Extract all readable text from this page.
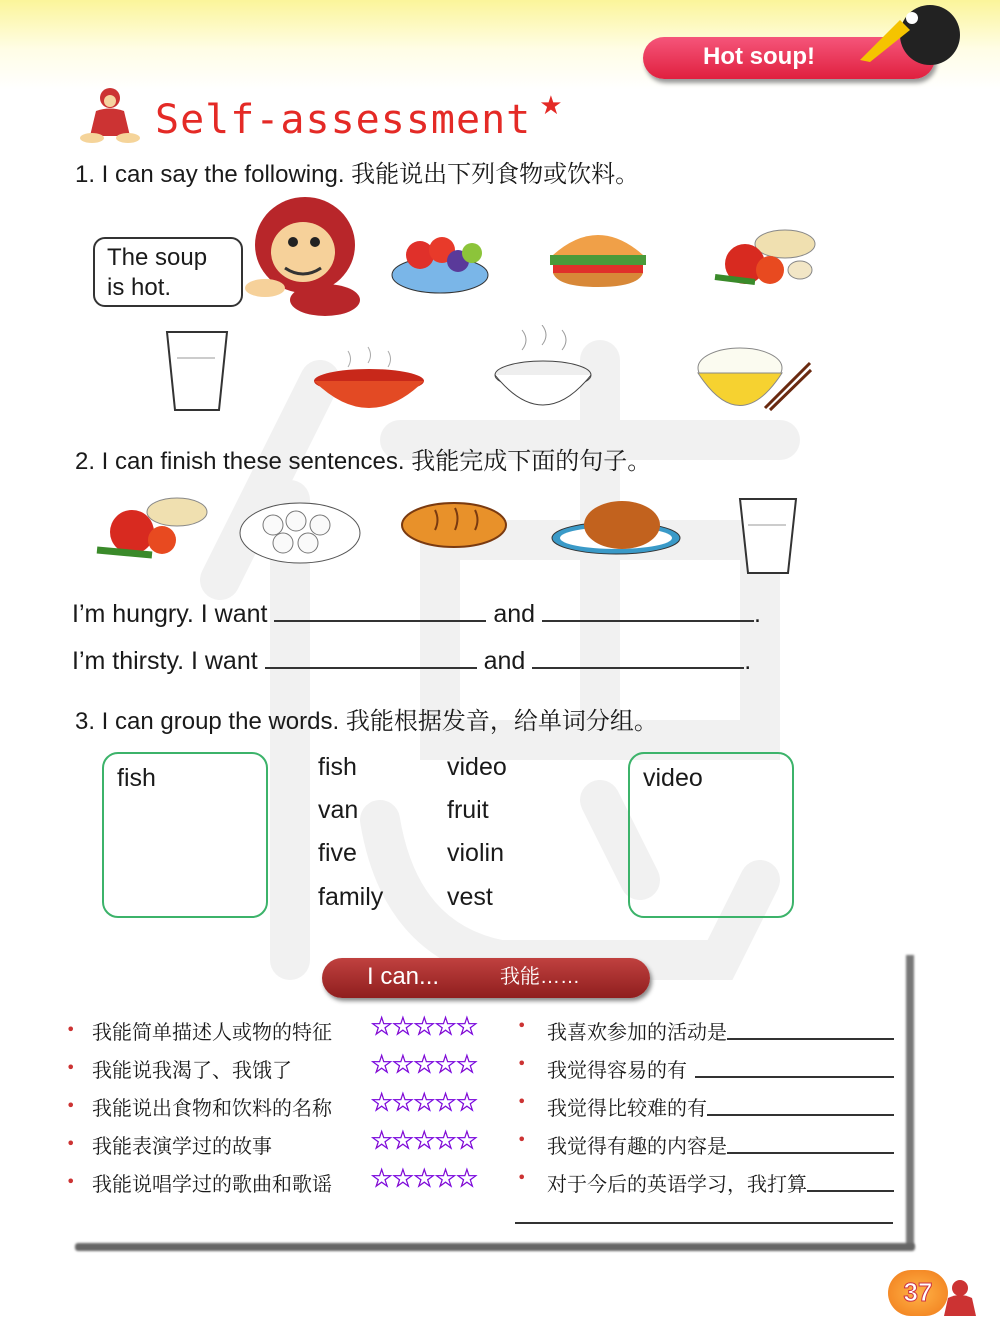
Hot soup!
Self-assessment ★
1. I can say the following. 我能说出下列食物或饮料。
The soup
is hot.
2. I can finish these sentences. 我能完成下面的句子。
I’m hungry. I want	and	.
I’m thirsty. I want	and	.
3. I can group the words. 我能根据发音，给单词分组。
fish	video
fish
van
five
family
video
fruit
violin
vest
I can...	我能……
• 我能简单描述人或物的特征 ☆☆☆☆☆
• 我能说我渴了、我饿了	☆☆☆☆☆
• 我能说出食物和饮料的名称 ☆☆☆☆☆
• 我能表演学过的故事	☆☆☆☆☆
• 我能说唱学过的歌曲和歌谣 ☆☆☆☆☆
•	我喜欢参加的活动是
•	我觉得容易的有
•	我觉得比较难的有
•	我觉得有趣的内容是
•	对于今后的英语学习，我打算
37
